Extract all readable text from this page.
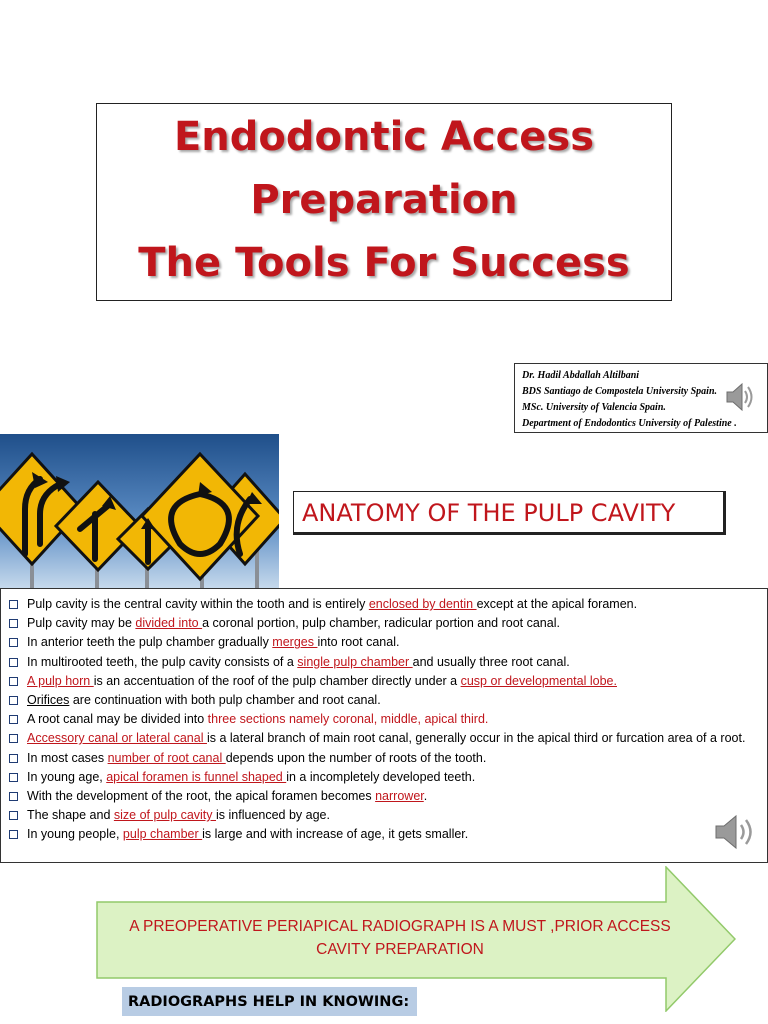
Endodontic Access
Preparation
The Tools For Success
Dr. Hadil Abdallah Altilbani
BDS Santiago de Compostela University Spain.
MSc. University of Valencia Spain.
Department of Endodontics University of Palestine .
ANATOMY OF THE PULP CAVITY
Pulp cavity is the central cavity within the tooth and is entirely enclosed by dentin except at the apical foramen.
Pulp cavity may be divided into a coronal portion, pulp chamber, radicular portion and root canal.
In anterior teeth the pulp chamber gradually merges into root canal.
In multirooted teeth, the pulp cavity consists of a single pulp chamber and usually three root canal.
A pulp horn is an accentuation of the roof of the pulp chamber directly under a cusp or developmental lobe.
Orifices are continuation with both pulp chamber and root canal.
A root canal may be divided into three sections namely coronal, middle, apical third.
Accessory canal or lateral canal is a lateral branch of main root canal, generally occur in the apical third or furcation area of a root.
In most cases number of root canal depends upon the number of roots of the tooth.
In young age, apical foramen is funnel shaped in a incompletely developed teeth.
With the development of the root, the apical foramen becomes narrower.
The shape and size of pulp cavity is influenced by age.
In young people, pulp chamber is large and with increase of age, it gets smaller.
A PREOPERATIVE PERIAPICAL RADIOGRAPH IS A MUST ,PRIOR ACCESS CAVITY PREPARATION
RADIOGRAPHS HELP IN KNOWING:
